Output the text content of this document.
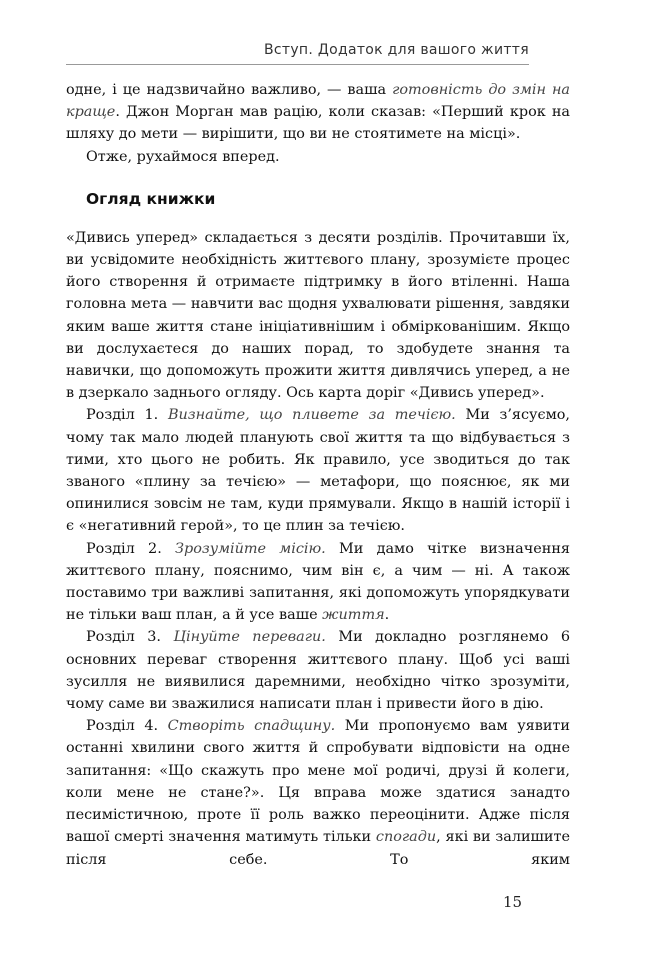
Вступ. Додаток для вашого життя

одне, і це надзвичайно важливо, — ваша готовність до змін на кращe. Джон Морган мав рацію, коли сказав: «Перший крок на шляху до мети — вирішити, що ви не стоятимете на місці».

Отже, рухаймося вперед.

Огляд книжки

«Дивись уперед» складається з десяти розділів. Прочитавши їх, ви усвідомите необхідність життєвого плану, зрозумієте процес його створення й отримаєте підтримку в його втіленні. Наша головна мета — навчити вас щодня ухвалювати рішення, завдяки яким ваше життя стане ініціативнішим і обміркованішим. Якщо ви дослухаєтеся до наших порад, то здобудете знання та навички, що допоможуть прожити життя дивлячись уперед, а не в дзеркало заднього огляду. Ось карта доріг «Дивись уперед».

Розділ 1. Визнайте, що пливете за течією. Ми з’ясуємо, чому так мало людей планують свої життя та що відбувається з тими, хто цього не робить. Як правило, усе зводиться до так званого «плину за течією» — метафори, що пояснює, як ми опинилися зовсім не там, куди прямували. Якщо в нашій історії і є «негативний герой», то це плин за течією.

Розділ 2. Зрозумійте місію. Ми дамо чітке визначення життєвого плану, пояснимо, чим він є, а чим — ні. А також поставимо три важливі запитання, які допоможуть упорядкувати не тільки ваш план, а й усе ваше життя.

Розділ 3. Цінуйте переваги. Ми докладно розглянемо 6 основних переваг створення життєвого плану. Щоб усі ваші зусилля не виявилися даремними, необхідно чітко зрозуміти, чому саме ви зважилися написати план і привести його в дію.

Розділ 4. Створіть спадщину. Ми пропонуємо вам уявити останні хвилини свого життя й спробувати відповісти на одне запитання: «Що скажуть про мене мої родичі, друзі й колеги, коли мене не стане?». Ця вправа може здатися занадто песимістичною, проте її роль важко переоцінити. Адже після вашої смерті значення матимуть тільки спогади, які ви залишите після себе. То яким

15
